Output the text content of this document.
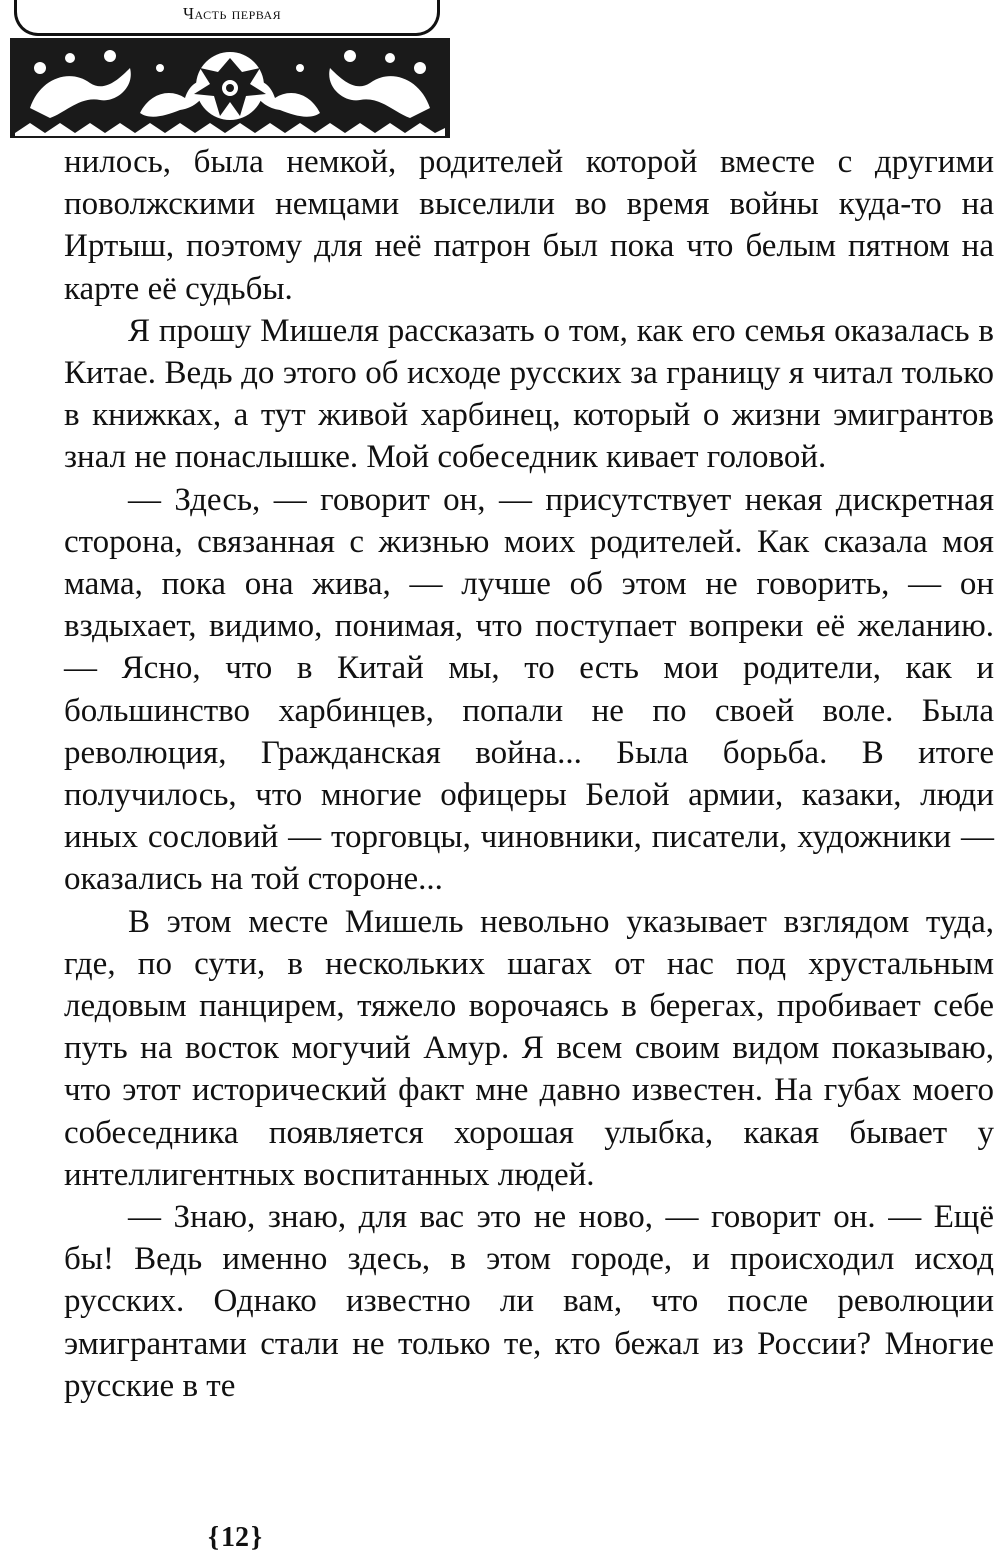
Часть первая

нилось, была немкой, родителей которой вместе с другими поволжскими немцами выселили во время войны куда-то на Иртыш, поэтому для неё патрон был пока что белым пятном на карте её судьбы.

Я прошу Мишеля рассказать о том, как его семья оказалась в Китае. Ведь до этого об исходе русских за границу я читал только в книжках, а тут живой харбинец, который о жизни эмигрантов знал не понаслышке. Мой собеседник кивает головой.

— Здесь, — говорит он, — присутствует некая дискретная сторона, связанная с жизнью моих родителей. Как сказала моя мама, пока она жива, — лучше об этом не говорить, — он вздыхает, видимо, понимая, что поступает вопреки её желанию. — Ясно, что в Китай мы, то есть мои родители, как и большинство харбинцев, попали не по своей воле. Была революция, Гражданская война... Была борьба. В итоге получилось, что многие офицеры Белой армии, казаки, люди иных сословий — торговцы, чиновники, писатели, художники — оказались на той стороне...

В этом месте Мишель невольно указывает взглядом туда, где, по сути, в нескольких шагах от нас под хрустальным ледовым панцирем, тяжело ворочаясь в берегах, пробивает себе путь на восток могучий Амур. Я всем своим видом показываю, что этот исторический факт мне давно известен. На губах моего собеседника появляется хорошая улыбка, какая бывает у интеллигентных воспитанных людей.

— Знаю, знаю, для вас это не ново, — говорит он. — Ещё бы! Ведь именно здесь, в этом городе, и происходил исход русских. Однако известно ли вам, что после революции эмигрантами стали не только те, кто бежал из России? Многие русские в те

{ 12 }
